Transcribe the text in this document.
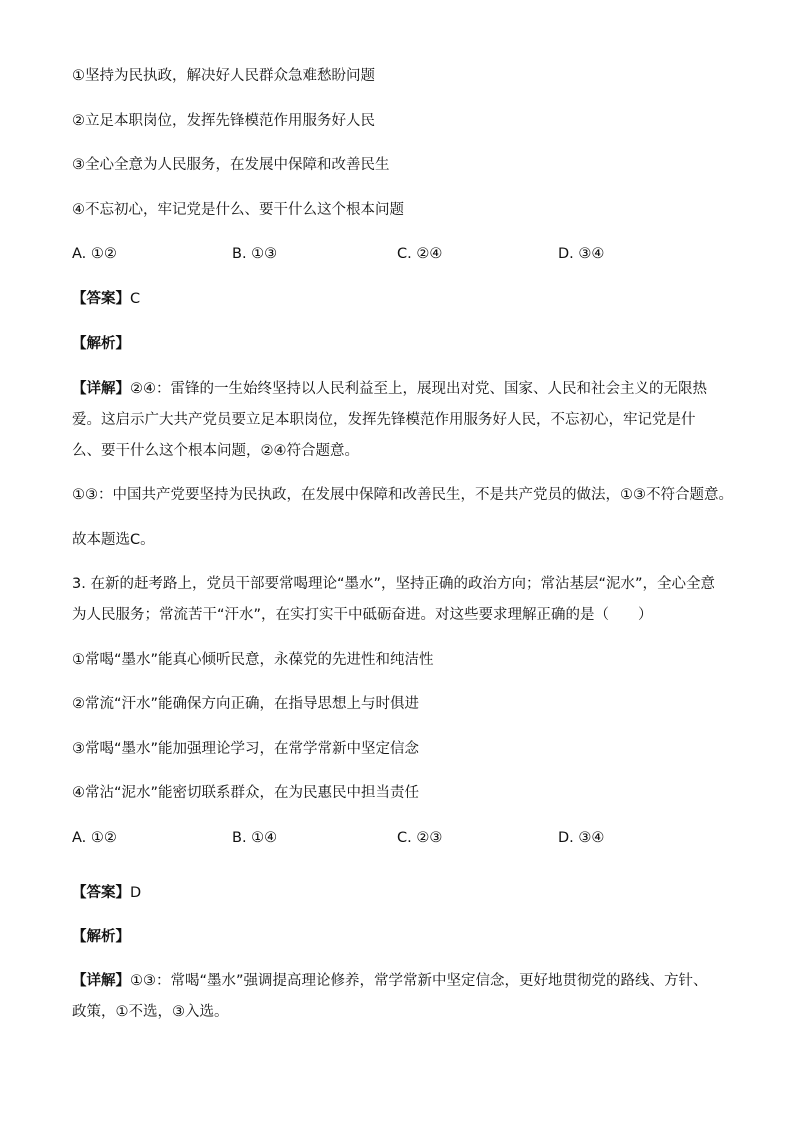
①坚持为民执政，解决好人民群众急难愁盼问题
②立足本职岗位，发挥先锋模范作用服务好人民
③全心全意为人民服务，在发展中保障和改善民生
④不忘初心，牢记党是什么、要干什么这个根本问题
A. ①②	B. ①③	C. ②④	D. ③④
【答案】C
【解析】
【详解】②④：雷锋的一生始终坚持以人民利益至上，展现出对党、国家、人民和社会主义的无限热爱。这启示广大共产党员要立足本职岗位，发挥先锋模范作用服务好人民，不忘初心，牢记党是什么、要干什么这个根本问题，②④符合题意。
①③：中国共产党要坚持为民执政，在发展中保障和改善民生，不是共产党员的做法，①③不符合题意。
故本题选C。
3. 在新的赶考路上，党员干部要常喝理论“墨水”，坚持正确的政治方向；常沾基层“泥水”，全心全意为人民服务；常流苦干“汗水”，在实打实干中砥砺奋进。对这些要求理解正确的是（　　）
①常喝“墨水”能真心倾听民意，永葆党的先进性和纯洁性
②常流“汗水”能确保方向正确，在指导思想上与时俱进
③常喝“墨水”能加强理论学习，在常学常新中坚定信念
④常沾“泥水”能密切联系群众，在为民惠民中担当责任
A. ①②	B. ①④	C. ②③	D. ③④
【答案】D
【解析】
【详解】①③：常喝“墨水”强调提高理论修养，常学常新中坚定信念，更好地贯彻党的路线、方针、政策，①不选，③入选。
